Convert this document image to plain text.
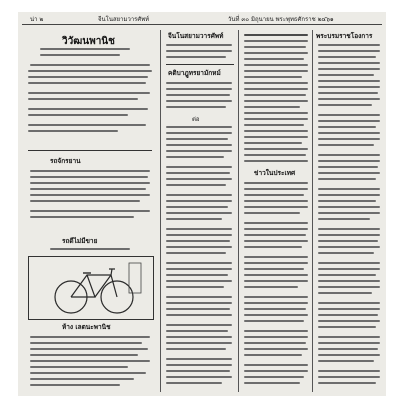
น่า ๒	จีนโนสยามวารศัพท์	วันที่ ๓๐ มิถุนายน พระพุทธศักราช ๒๔๖๑
วิวัฒนพานิช
รถจักรยาน
รถดีไม่มีขาย
ห้าง เลตนะพานิช
จีนโนสยามวารศัพท์
คติบาฎูทรยามักหม์
ต่อ
ข่าวในประเทศ
พระบรมราชโองการ
